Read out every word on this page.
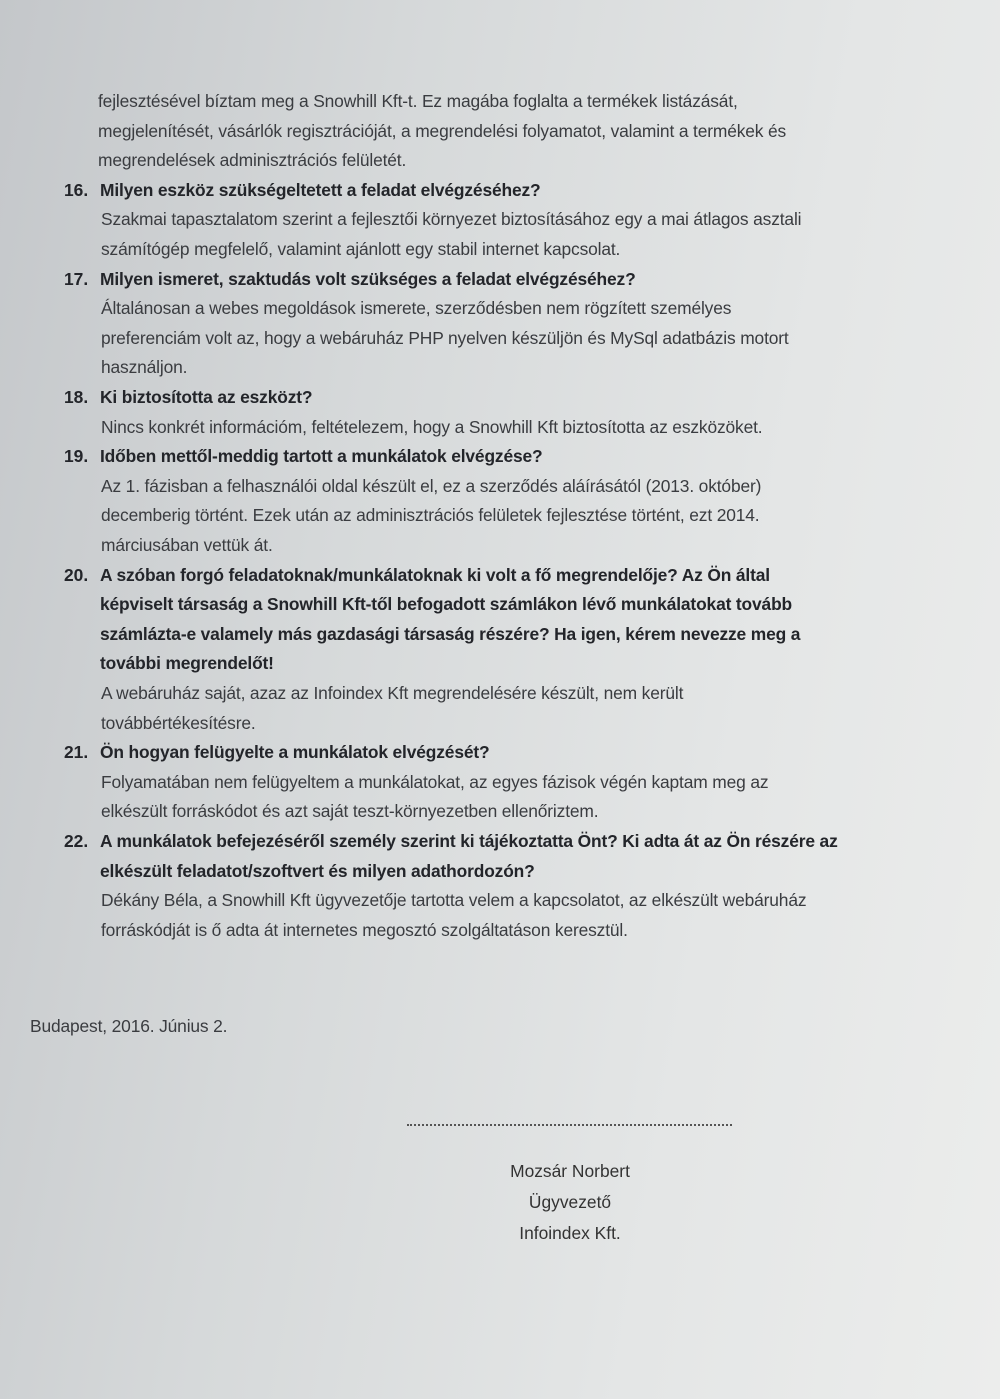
Budapest, 2016. Június 2.
Mozsár Norbert
Ügyvezető
Infoindex Kft.
fejlesztésével bíztam meg a Snowhill Kft-t. Ez magába foglalta a termékek listázását,
megjelenítését, vásárlók regisztrációját, a megrendelési folyamatot, valamint a termékek és
megrendelések adminisztrációs felületét.
16. Milyen eszköz szükségeltetett a feladat elvégzéséhez?
Szakmai tapasztalatom szerint a fejlesztői környezet biztosításához egy a mai átlagos asztali
számítógép megfelelő, valamint ajánlott egy stabil internet kapcsolat.
17. Milyen ismeret, szaktudás volt szükséges a feladat elvégzéséhez?
Általánosan a webes megoldások ismerete, szerződésben nem rögzített személyes
preferenciám volt az, hogy a webáruház PHP nyelven készüljön és MySql adatbázis motort
használjon.
18. Ki biztosította az eszközt?
Nincs konkrét információm, feltételezem, hogy a Snowhill Kft biztosította az eszközöket.
19. Időben mettől-meddig tartott a munkálatok elvégzése?
Az 1. fázisban a felhasználói oldal készült el, ez a szerződés aláírásától (2013. október)
decemberig történt. Ezek után az adminisztrációs felületek fejlesztése történt, ezt 2014.
márciusában vettük át.
20. A szóban forgó feladatoknak/munkálatoknak ki volt a fő megrendelője? Az Ön által
képviselt társaság a Snowhill Kft-től befogadott számlákon lévő munkálatokat tovább
számlázta-e valamely más gazdasági társaság részére? Ha igen, kérem nevezze meg a
további megrendelőt!
A webáruház saját, azaz az Infoindex Kft megrendelésére készült, nem került
továbbértékesítésre.
21. Ön hogyan felügyelte a munkálatok elvégzését?
Folyamatában nem felügyeltem a munkálatokat, az egyes fázisok végén kaptam meg az
elkészült forráskódot és azt saját teszt-környezetben ellenőriztem.
22. A munkálatok befejezéséről személy szerint ki tájékoztatta Önt? Ki adta át az Ön részére az
elkészült feladatot/szoftvert és milyen adathordozón?
Dékány Béla, a Snowhill Kft ügyvezetője tartotta velem a kapcsolatot, az elkészült webáruház
forráskódját is ő adta át internetes megosztó szolgáltatáson keresztül.
